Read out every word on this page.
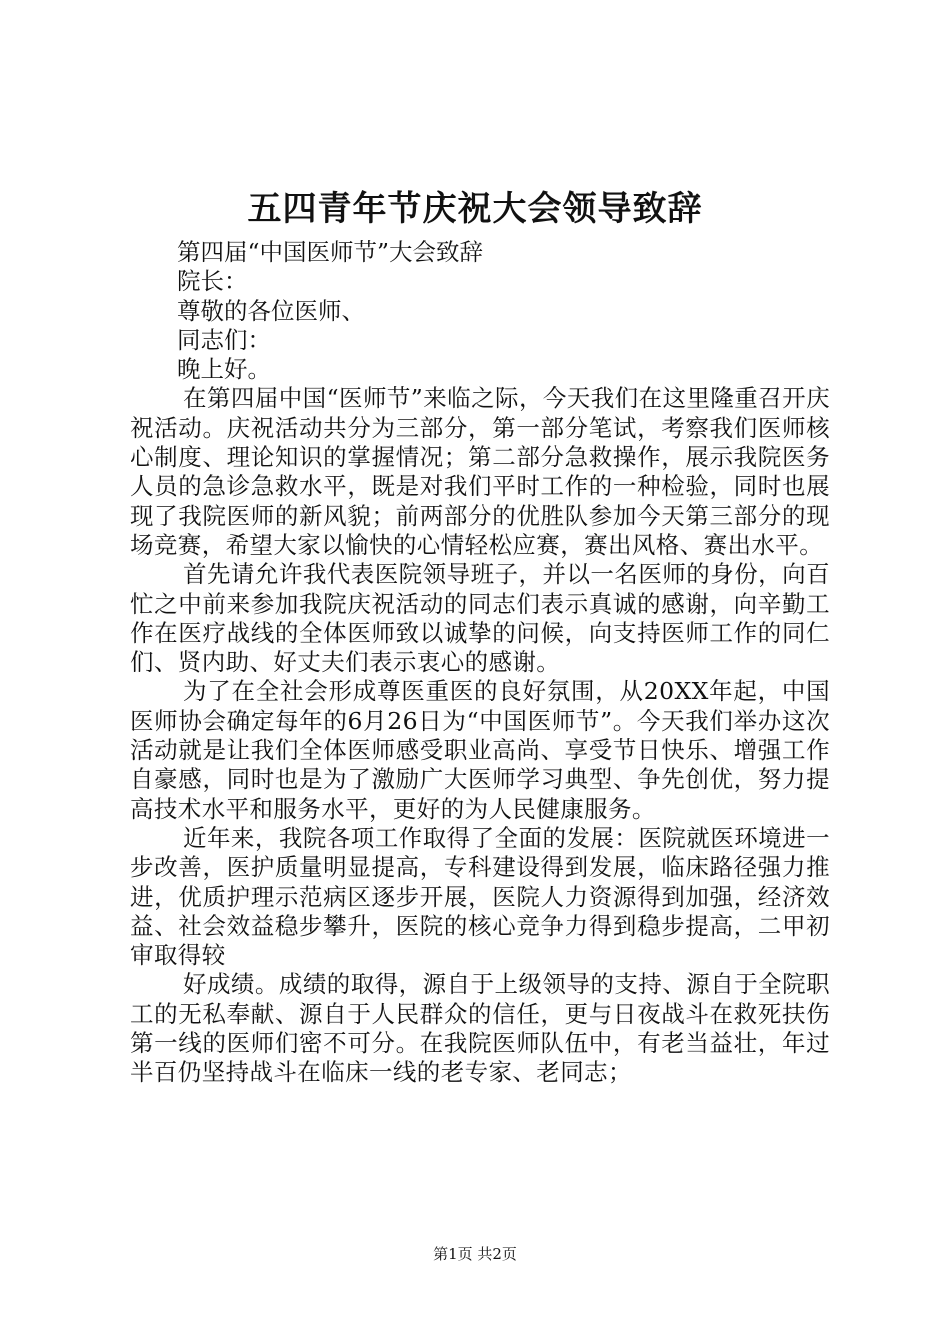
五四青年节庆祝大会领导致辞
第四届“中国医师节”大会致辞
院长：
尊敬的各位医师、
同志们：
晚上好。

在第四届中国“医师节”来临之际，今天我们在这里隆重召开庆祝活动。庆祝活动共分为三部分，第一部分笔试，考察我们医师核心制度、理论知识的掌握情况；第二部分急救操作，展示我院医务人员的急诊急救水平，既是对我们平时工作的一种检验，同时也展现了我院医师的新风貌；前两部分的优胜队参加今天第三部分的现场竞赛，希望大家以愉快的心情轻松应赛，赛出风格、赛出水平。

首先请允许我代表医院领导班子，并以一名医师的身份，向百忙之中前来参加我院庆祝活动的同志们表示真诚的感谢，向辛勤工作在医疗战线的全体医师致以诚挚的问候，向支持医师工作的同仁们、贤内助、好丈夫们表示衷心的感谢。

为了在全社会形成尊医重医的良好氛围，从20XX年起，中国医师协会确定每年的6月26日为“中国医师节”。今天我们举办这次活动就是让我们全体医师感受职业高尚、享受节日快乐、增强工作自豪感，同时也是为了激励广大医师学习典型、争先创优，努力提高技术水平和服务水平，更好的为人民健康服务。

近年来，我院各项工作取得了全面的发展：医院就医环境进一步改善，医护质量明显提高，专科建设得到发展，临床路径强力推进，优质护理示范病区逐步开展，医院人力资源得到加强，经济效益、社会效益稳步攀升，医院的核心竞争力得到稳步提高，二甲初审取得较

好成绩。成绩的取得，源自于上级领导的支持、源自于全院职工的无私奉献、源自于人民群众的信任，更与日夜战斗在救死扶伤第一线的医师们密不可分。在我院医师队伍中，有老当益壮，年过半百仍坚持战斗在临床一线的老专家、老同志；

第1页 共2页
